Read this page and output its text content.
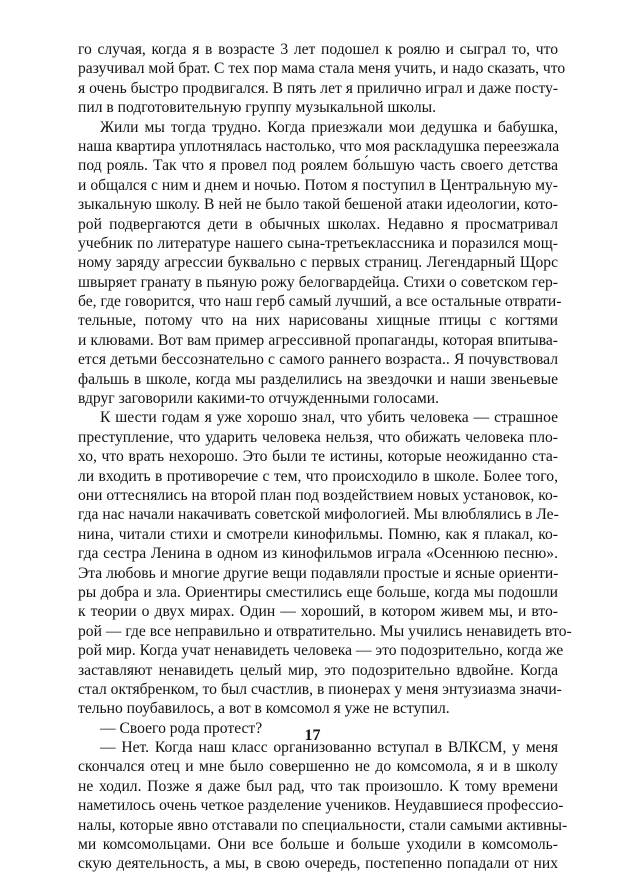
го случая, когда я в возрасте 3 лет подошел к роялю и сыграл то, что
разучивал мой брат. С тех пор мама стала меня учить, и надо сказать, что
я очень быстро продвигался. В пять лет я прилично играл и даже посту-
пил в подготовительную группу музыкальной школы.
Жили мы тогда трудно. Когда приезжали мои дедушка и бабушка,
наша квартира уплотнялась настолько, что моя раскладушка переезжала
под рояль. Так что я провел под роялем бо́льшую часть своего детства
и общался с ним и днем и ночью. Потом я поступил в Центральную му-
зыкальную школу. В ней не было такой бешеной атаки идеологии, кото-
рой подвергаются дети в обычных школах. Недавно я просматривал
учебник по литературе нашего сына-третьеклассника и поразился мощ-
ному заряду агрессии буквально с первых страниц. Легендарный Щорс
швыряет гранату в пьяную рожу белогвардейца. Стихи о советском гер-
бе, где говорится, что наш герб самый лучший, а все остальные отврати-
тельные, потому что на них нарисованы хищные птицы с когтями
и клювами. Вот вам пример агрессивной пропаганды, которая впитыва-
ется детьми бессознательно с самого раннего возраста.. Я почувствовал
фальшь в школе, когда мы разделились на звездочки и наши звеньевые
вдруг заговорили какими-то отчужденными голосами.
К шести годам я уже хорошо знал, что убить человека — страшное
преступление, что ударить человека нельзя, что обижать человека пло-
хо, что врать нехорошо. Это были те истины, которые неожиданно ста-
ли входить в противоречие с тем, что происходило в школе. Более того,
они оттеснялись на второй план под воздействием новых установок, ко-
гда нас начали накачивать советской мифологией. Мы влюблялись в Ле-
нина, читали стихи и смотрели кинофильмы. Помню, как я плакал, ко-
гда сестра Ленина в одном из кинофильмов играла «Осеннюю песню».
Эта любовь и многие другие вещи подавляли простые и ясные ориенти-
ры добра и зла. Ориентиры сместились еще больше, когда мы подошли
к теории о двух мирах. Один — хороший, в котором живем мы, и вто-
рой — где все неправильно и отвратительно. Мы учились ненавидеть вто-
рой мир. Когда учат ненавидеть человека — это подозрительно, когда же
заставляют ненавидеть целый мир, это подозрительно вдвойне. Когда
стал октябренком, то был счастлив, в пионерах у меня энтузиазма значи-
тельно поубавилось, а вот в комсомол я уже не вступил.
— Своего рода протест?
— Нет. Когда наш класс организованно вступал в ВЛКСМ, у меня
скончался отец и мне было совершенно не до комсомола, я и в школу
не ходил. Позже я даже был рад, что так произошло. К тому времени
наметилось очень четкое разделение учеников. Неудавшиеся профессио-
налы, которые явно отставали по специальности, стали самыми активны-
ми комсомольцами. Они все больше и больше уходили в комсомоль-
скую деятельность, а мы, в свою очередь, постепенно попадали от них
17
